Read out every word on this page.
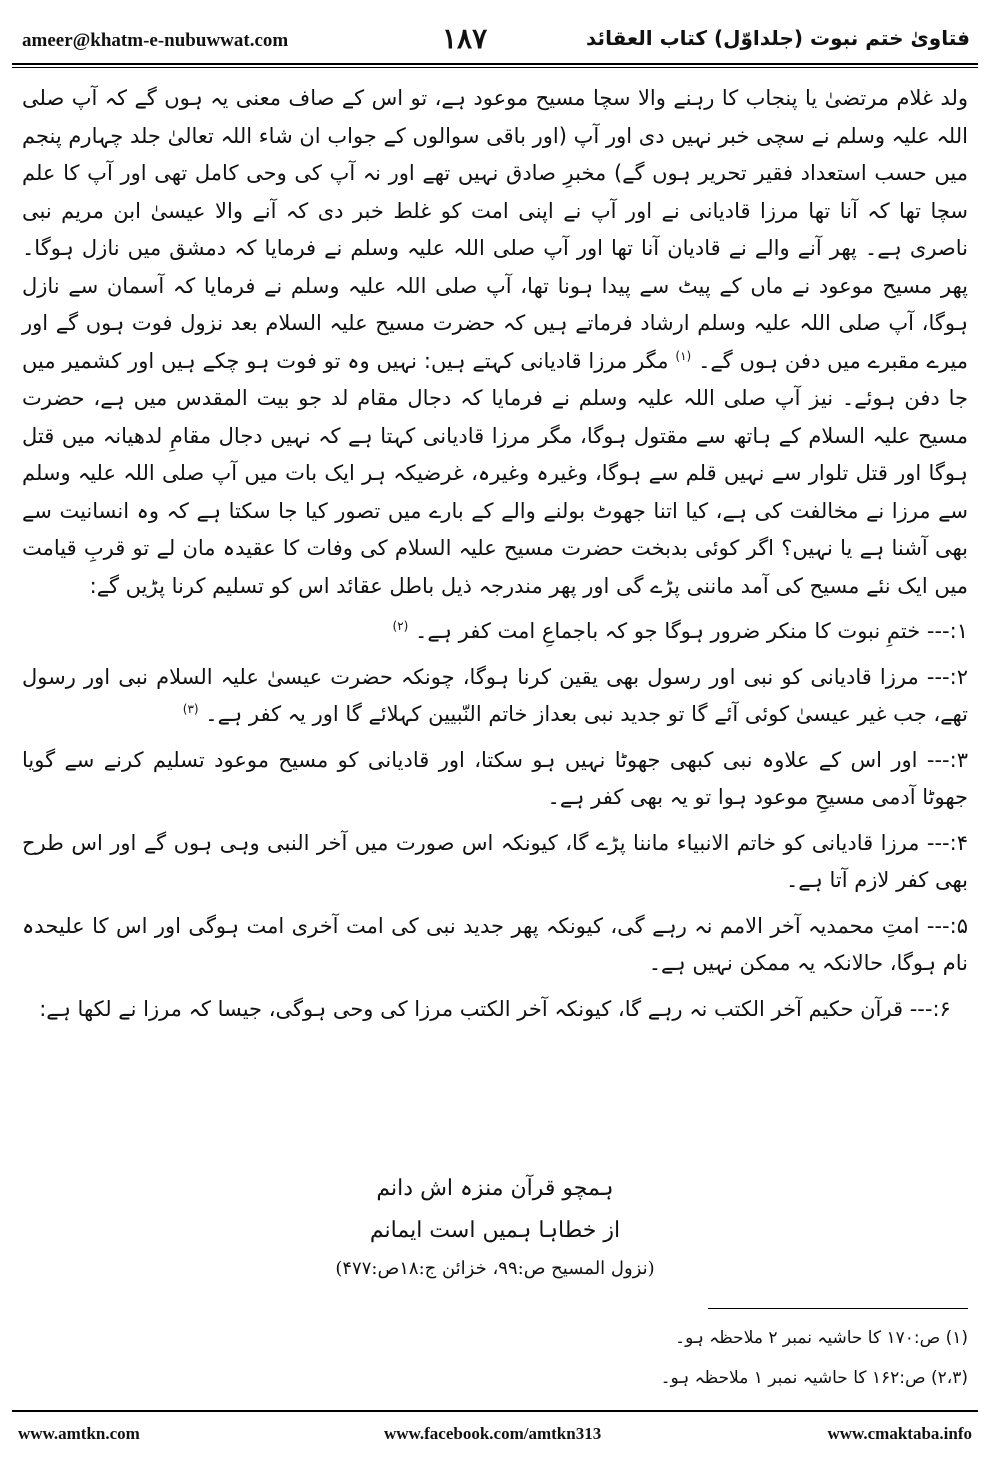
ameer@khatm-e-nubuwwat.com	۱۸۷	فتاویٰ ختم نبوت (جلداوّل) کتاب العقائد

ولد غلام مرتضیٰ یا پنجاب کا رہنے والا سچا مسیح موعود ہے، تو اس کے صاف معنی یہ ہوں گے کہ آپ صلی اللہ علیہ وسلم نے سچی خبر نہیں دی اور آپ (اور باقی سوالوں کے جواب ان شاء اللہ تعالیٰ جلد چہارم پنجم میں حسب استعداد فقیر تحریر ہوں گے) مخبرِ صادق نہیں تھے اور نہ آپ کی وحی کامل تھی اور آپ کا علم سچا تھا کہ آنا تھا مرزا قادیانی نے اور آپ نے اپنی امت کو غلط خبر دی کہ آنے والا عیسیٰ ابن مریم نبی ناصری ہے۔ پھر آنے والے نے قادیان آنا تھا اور آپ صلی اللہ علیہ وسلم نے فرمایا کہ دمشق میں نازل ہوگا۔ پھر مسیح موعود نے ماں کے پیٹ سے پیدا ہونا تھا، آپ صلی اللہ علیہ وسلم نے فرمایا کہ آسمان سے نازل ہوگا، آپ صلی اللہ علیہ وسلم ارشاد فرماتے ہیں کہ حضرت مسیح علیہ السلام بعد نزول فوت ہوں گے اور میرے مقبرے میں دفن ہوں گے۔ $^{(۱)}$ مگر مرزا قادیانی کہتے ہیں: نہیں وہ تو فوت ہو چکے ہیں اور کشمیر میں جا دفن ہوئے۔ نیز آپ صلی اللہ علیہ وسلم نے فرمایا کہ دجال مقام لد جو بیت المقدس میں ہے، حضرت مسیح علیہ السلام کے ہاتھ سے مقتول ہوگا، مگر مرزا قادیانی کہتا ہے کہ نہیں دجال مقامِ لدھیانہ میں قتل ہوگا اور قتل تلوار سے نہیں قلم سے ہوگا، وغیرہ وغیرہ، غرضیکہ ہر ایک بات میں آپ صلی اللہ علیہ وسلم سے مرزا نے مخالفت کی ہے، کیا اتنا جھوٹ بولنے والے کے بارے میں تصور کیا جا سکتا ہے کہ وہ انسانیت سے بھی آشنا ہے یا نہیں؟ اگر کوئی بدبخت حضرت مسیح علیہ السلام کی وفات کا عقیدہ مان لے تو قربِ قیامت میں ایک نئے مسیح کی آمد ماننی پڑے گی اور پھر مندرجہ ذیل باطل عقائد اس کو تسلیم کرنا پڑیں گے:

۱:--- ختمِ نبوت کا منکر ضرور ہوگا جو کہ باجماعِ امت کفر ہے۔ $^{(۲)}$

۲:--- مرزا قادیانی کو نبی اور رسول بھی یقین کرنا ہوگا، چونکہ حضرت عیسیٰ علیہ السلام نبی اور رسول تھے، جب غیر عیسیٰ کوئی آئے گا تو جدید نبی بعداز خاتم النّبیین کہلائے گا اور یہ کفر ہے۔ $^{(۳)}$

۳:--- اور اس کے علاوہ نبی کبھی جھوٹا نہیں ہو سکتا، اور قادیانی کو مسیح موعود تسلیم کرنے سے گویا جھوٹا آدمی مسیحِ موعود ہوا تو یہ بھی کفر ہے۔

۴:--- مرزا قادیانی کو خاتم الانبیاء ماننا پڑے گا، کیونکہ اس صورت میں آخر النبی وہی ہوں گے اور اس طرح بھی کفر لازم آتا ہے۔

۵:--- امتِ محمدیہ آخر الامم نہ رہے گی، کیونکہ پھر جدید نبی کی امت آخری امت ہوگی اور اس کا علیحدہ نام ہوگا، حالانکہ یہ ممکن نہیں ہے۔

۶:--- قرآن حکیم آخر الکتب نہ رہے گا، کیونکہ آخر الکتب مرزا کی وحی ہوگی، جیسا کہ مرزا نے لکھا ہے:

ہمچو قرآن منزہ اش دانم

از خطاہا ہمیں است ایمانم

(نزول المسیح ص:۹۹، خزائن ج:۱۸ص:۴۷۷)

(۱) ص:۱۷۰ کا حاشیہ نمبر ۲ ملاحظہ ہو۔

(۲،۳) ص:۱۶۲ کا حاشیہ نمبر ۱ ملاحظہ ہو۔

www.amtkn.com	www.facebook.com/amtkn313	www.cmaktaba.info
